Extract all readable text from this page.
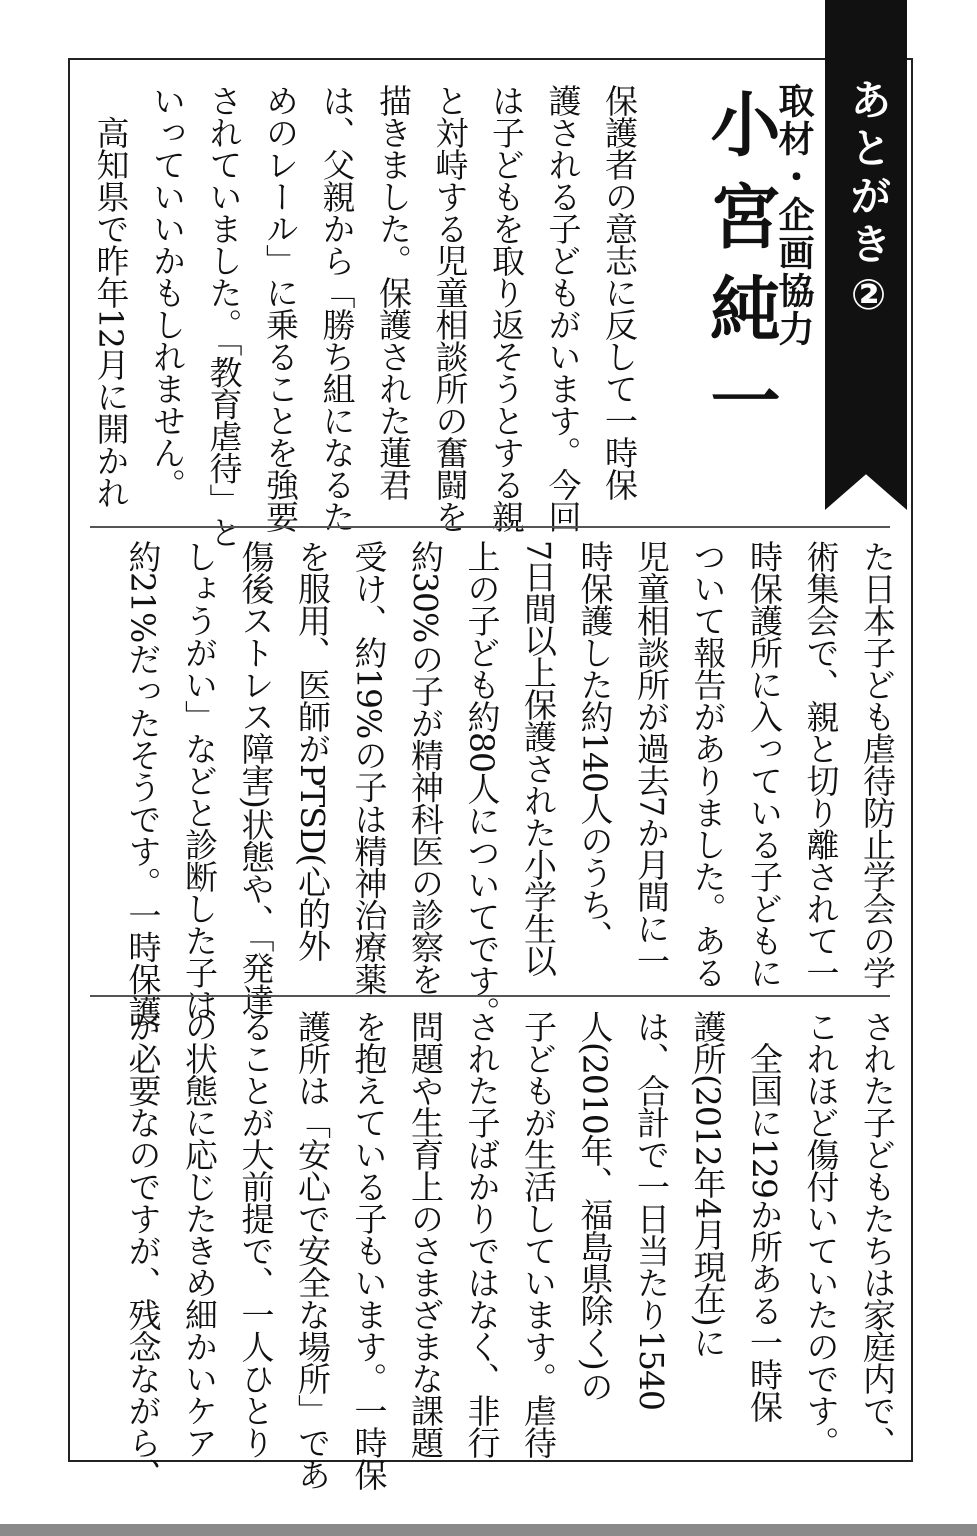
あとがき②
取材・企画協力
小宮純一
保護者の意志に反して一時保
護される子どもがいます。今回
は子どもを取り返そうとする親
と対峙する児童相談所の奮闘を
描きました。保護された蓮君
は、父親から「勝ち組になるた
めのレール」に乗ることを強要
されていました。「教育虐待」と
いっていいかもしれません。
　高知県で昨年12月に開かれ
た日本子ども虐待防止学会の学
術集会で、親と切り離されて一
時保護所に入っている子どもに
ついて報告がありました。ある
児童相談所が過去7か月間に一
時保護した約140人のうち、
7日間以上保護された小学生以
上の子ども約80人についてです。
約30%の子が精神科医の診察を
受け、約19%の子は精神治療薬
を服用、医師がPTSD(心的外
傷後ストレス障害)状態や、「発達
しょうがい」などと診断した子は
約21%だったそうです。一時保護
された子どもたちは家庭内で、
これほど傷付いていたのです。
　全国に129か所ある一時保
護所(2012年4月現在)に
は、合計で一日当たり1540
人(2010年、福島県除く)の
子どもが生活しています。虐待
された子ばかりではなく、非行
問題や生育上のさまざまな課題
を抱えている子もいます。一時保
護所は「安心で安全な場所」であ
ることが大前提で、一人ひとり
の状態に応じたきめ細かいケア
が必要なのですが、残念ながら、
